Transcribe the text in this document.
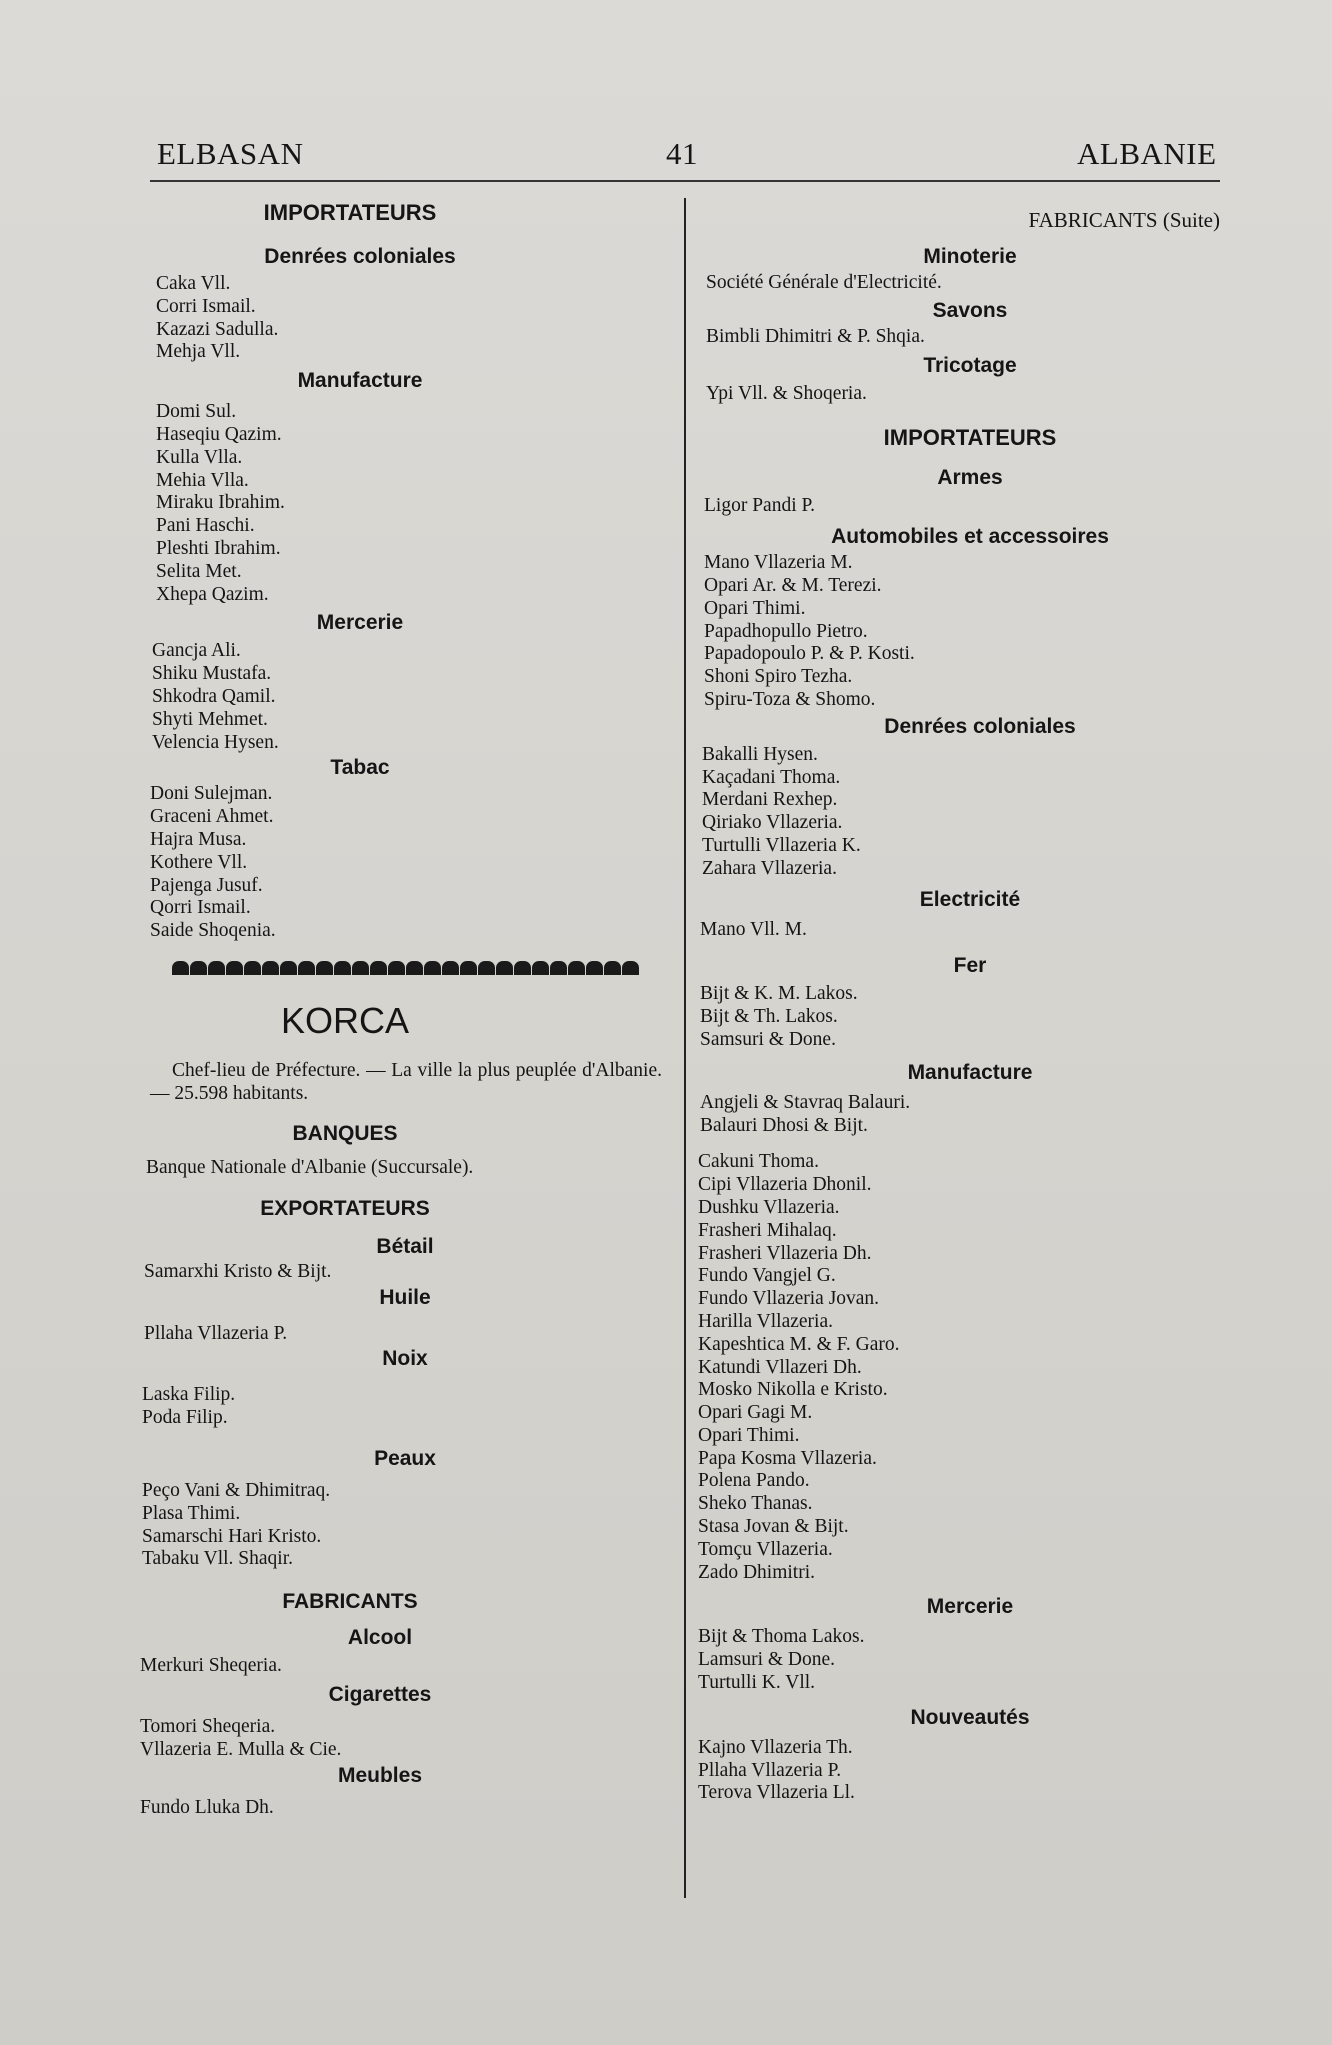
ELBASAN	41	ALBANIE
IMPORTATEURS
Denrées coloniales
Caka Vll.
Corri Ismail.
Kazazi Sadulla.
Mehja Vll.
Manufacture
Domi Sul.
Haseqiu Qazim.
Kulla Vlla.
Mehia Vlla.
Miraku Ibrahim.
Pani Haschi.
Pleshti Ibrahim.
Selita Met.
Xhepa Qazim.
Mercerie
Gancja Ali.
Shiku Mustafa.
Shkodra Qamil.
Shyti Mehmet.
Velencia Hysen.
Tabac
Doni Sulejman.
Graceni Ahmet.
Hajra Musa.
Kothere Vll.
Pajenga Jusuf.
Qorri Ismail.
Saide Shoqenia.
KORCA
Chef-lieu de Préfecture. — La ville la plus peuplée d'Albanie. — 25.598 habitants.
BANQUES
Banque Nationale d'Albanie (Succursale).
EXPORTATEURS
Bétail
Samarxhi Kristo & Bijt.
Huile
Pllaha Vllazeria P.
Noix
Laska Filip.
Poda Filip.
Peaux
Peço Vani & Dhimitraq.
Plasa Thimi.
Samarschi Hari Kristo.
Tabaku Vll. Shaqir.
FABRICANTS
Alcool
Merkuri Sheqeria.
Cigarettes
Tomori Sheqeria.
Vllazeria E. Mulla & Cie.
Meubles
Fundo Lluka Dh.
FABRICANTS (Suite)
Minoterie
Société Générale d'Electricité.
Savons
Bimbli Dhimitri & P. Shqia.
Tricotage
Ypi Vll. & Shoqeria.
IMPORTATEURS
Armes
Ligor Pandi P.
Automobiles et accessoires
Mano Vllazeria M.
Opari Ar. & M. Terezi.
Opari Thimi.
Papadhopullo Pietro.
Papadopoulo P. & P. Kosti.
Shoni Spiro Tezha.
Spiru-Toza & Shomo.
Denrées coloniales
Bakalli Hysen.
Kaçadani Thoma.
Merdani Rexhep.
Qiriako Vllazeria.
Turtulli Vllazeria K.
Zahara Vllazeria.
Electricité
Mano Vll. M.
Fer
Bijt & K. M. Lakos.
Bijt & Th. Lakos.
Samsuri & Done.
Manufacture
Angjeli & Stavraq Balauri.
Balauri Dhosi & Bijt.
Cakuni Thoma.
Cipi Vllazeria Dhonil.
Dushku Vllazeria.
Frasheri Mihalaq.
Frasheri Vllazeria Dh.
Fundo Vangjel G.
Fundo Vllazeria Jovan.
Harilla Vllazeria.
Kapeshtica M. & F. Garo.
Katundi Vllazeri Dh.
Mosko Nikolla e Kristo.
Opari Gagi M.
Opari Thimi.
Papa Kosma Vllazeria.
Polena Pando.
Sheko Thanas.
Stasa Jovan & Bijt.
Tomçu Vllazeria.
Zado Dhimitri.
Mercerie
Bijt & Thoma Lakos.
Lamsuri & Done.
Turtulli K. Vll.
Nouveautés
Kajno Vllazeria Th.
Pllaha Vllazeria P.
Terova Vllazeria Ll.
